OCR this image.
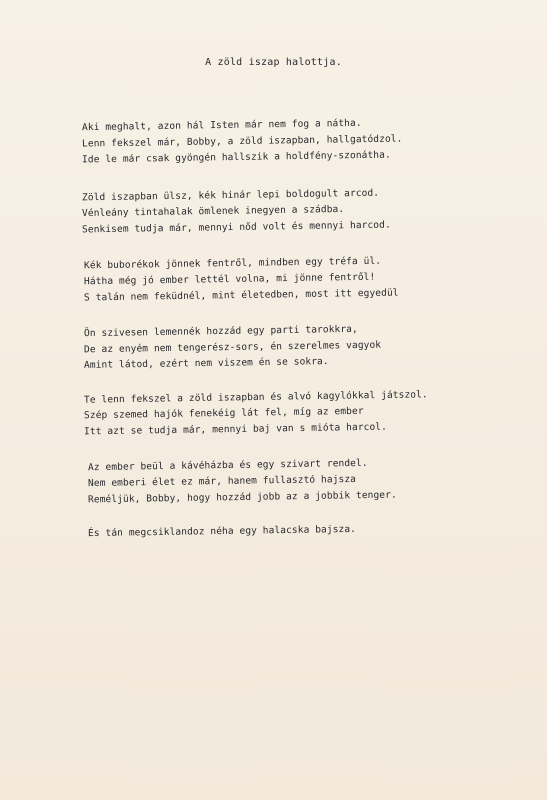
A zöld iszap halottja.
Aki meghalt, azon hál Isten már nem fog a nátha.
Lenn fekszel már, Bobby, a zöld iszapban, hallgatódzol.
Ide le már csak gyöngén hallszik a holdfény-szonátha.
Zöld iszapban ülsz, kék hinár lepi boldogult arcod.
Vénleány tintahalak ömlenek inegyen a szádba.
Senkisem tudja már, mennyi nőd volt és mennyi harcod.
Kék buborékok jönnek fentről, mindben egy tréfa ül.
Hátha még jó ember lettél volna, mi jönne fentről!
S talán nem feküdnél, mint életedben, most itt egyedül
Ön szivesen lemennék hozzád egy parti tarokkra,
De az enyém nem tengerész-sors, én szerelmes vagyok
Amint látod, ezért nem viszem én se sokra.
Te lenn fekszel a zöld iszapban és alvó kagylókkal játszol.
Szép szemed hajók fenekéig lát fel, míg az ember
Itt azt se tudja már, mennyi baj van s mióta harcol.
Az ember beül a kávéházba és egy szivart rendel.
Nem emberi élet ez már, hanem fullasztó hajsza
Reméljük, Bobby, hogy hozzád jobb az a jobbik tenger.
És tán megcsiklandoz néha egy halacska bajsza.
